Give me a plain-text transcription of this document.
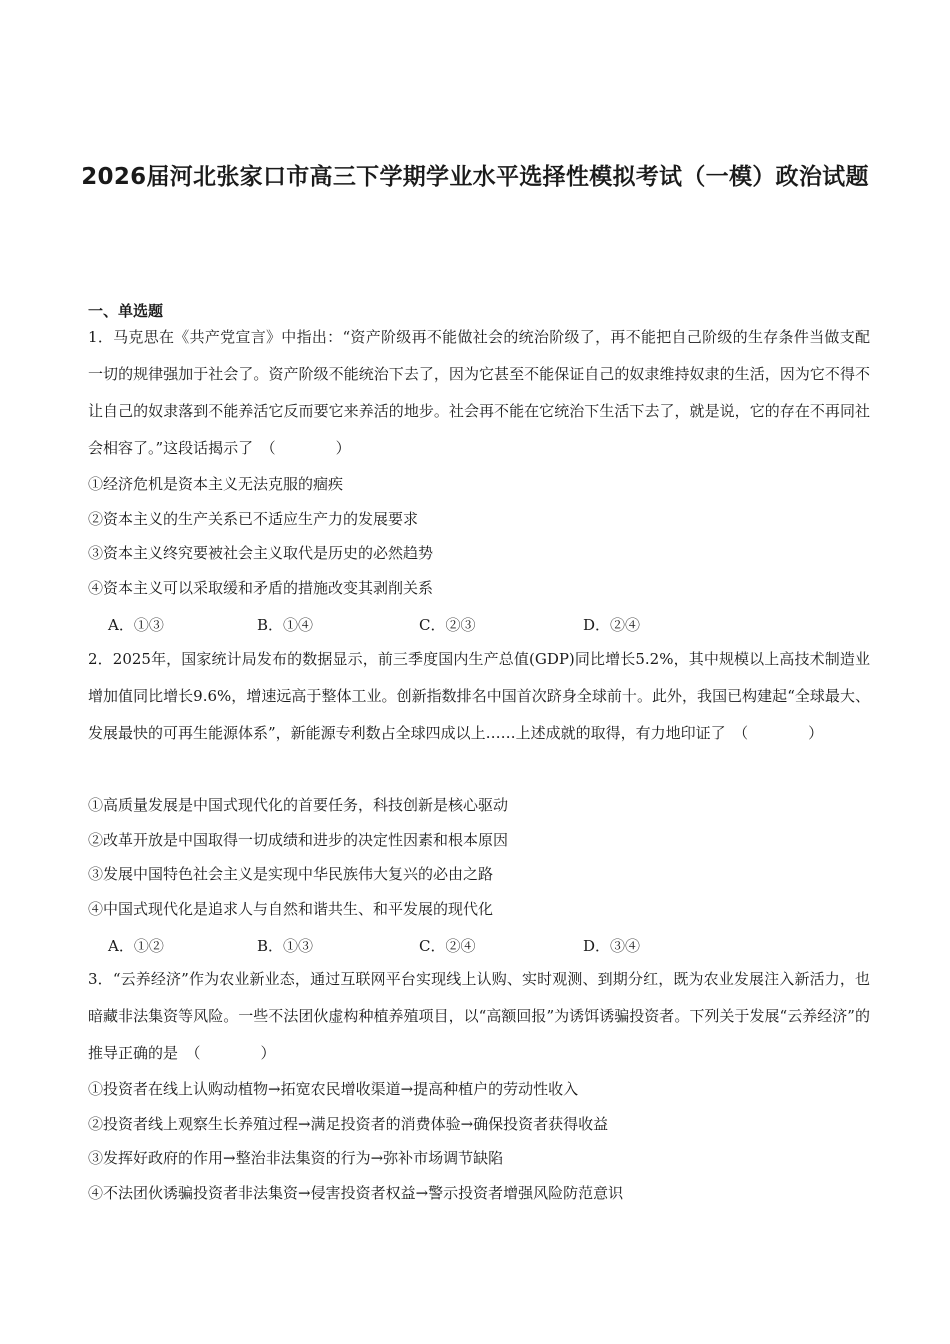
2026届河北张家口市高三下学期学业水平选择性模拟考试（一模）政治试题
一、单选题
1．马克思在《共产党宣言》中指出：“资产阶级再不能做社会的统治阶级了，再不能把自己阶级的生存条件当做支配一切的规律强加于社会了。资产阶级不能统治下去了，因为它甚至不能保证自己的奴隶维持奴隶的生活，因为它不得不让自己的奴隶落到不能养活它反而要它来养活的地步。社会再不能在它统治下生活下去了，就是说，它的存在不再同社会相容了。”这段话揭示了　（　　　　）
①经济危机是资本主义无法克服的痼疾
②资本主义的生产关系已不适应生产力的发展要求
③资本主义终究要被社会主义取代是历史的必然趋势
④资本主义可以采取缓和矛盾的措施改变其剥削关系
A．①③	B．①④	C．②③	D．②④
2．2025年，国家统计局发布的数据显示，前三季度国内生产总值(GDP)同比增长5.2%，其中规模以上高技术制造业增加值同比增长9.6%，增速远高于整体工业。创新指数排名中国首次跻身全球前十。此外，我国已构建起“全球最大、发展最快的可再生能源体系”，新能源专利数占全球四成以上……上述成就的取得，有力地印证了　（　　　　）
①高质量发展是中国式现代化的首要任务，科技创新是核心驱动
②改革开放是中国取得一切成绩和进步的决定性因素和根本原因
③发展中国特色社会主义是实现中华民族伟大复兴的必由之路
④中国式现代化是追求人与自然和谐共生、和平发展的现代化
A．①②	B．①③	C．②④	D．③④
3．“云养经济”作为农业新业态，通过互联网平台实现线上认购、实时观测、到期分红，既为农业发展注入新活力，也暗藏非法集资等风险。一些不法团伙虚构种植养殖项目，以“高额回报”为诱饵诱骗投资者。下列关于发展“云养经济”的推导正确的是　（　　　　）
①投资者在线上认购动植物→拓宽农民增收渠道→提高种植户的劳动性收入
②投资者线上观察生长养殖过程→满足投资者的消费体验→确保投资者获得收益
③发挥好政府的作用→整治非法集资的行为→弥补市场调节缺陷
④不法团伙诱骗投资者非法集资→侵害投资者权益→警示投资者增强风险防范意识
